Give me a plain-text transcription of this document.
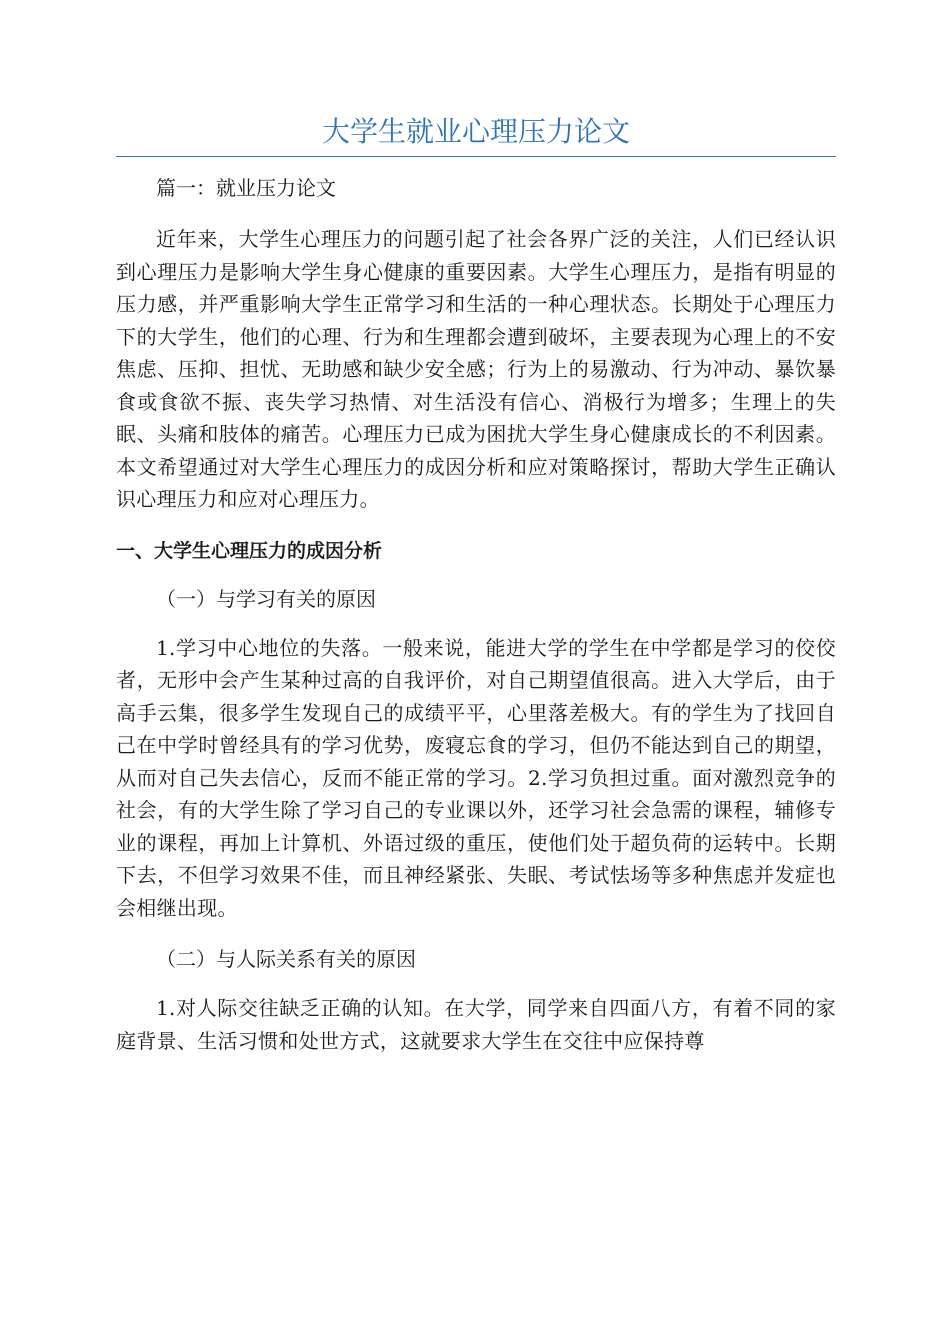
大学生就业心理压力论文

篇一：就业压力论文

近年来，大学生心理压力的问题引起了社会各界广泛的关注，人们已经认识到心理压力是影响大学生身心健康的重要因素。大学生心理压力，是指有明显的压力感，并严重影响大学生正常学习和生活的一种心理状态。长期处于心理压力下的大学生，他们的心理、行为和生理都会遭到破坏，主要表现为心理上的不安焦虑、压抑、担忧、无助感和缺少安全感；行为上的易激动、行为冲动、暴饮暴食或食欲不振、丧失学习热情、对生活没有信心、消极行为增多；生理上的失眠、头痛和肢体的痛苦。心理压力已成为困扰大学生身心健康成长的不利因素。本文希望通过对大学生心理压力的成因分析和应对策略探讨，帮助大学生正确认识心理压力和应对心理压力。

一、大学生心理压力的成因分析

（一）与学习有关的原因

1.学习中心地位的失落。一般来说，能进大学的学生在中学都是学习的佼佼者，无形中会产生某种过高的自我评价，对自己期望值很高。进入大学后，由于高手云集，很多学生发现自己的成绩平平，心里落差极大。有的学生为了找回自己在中学时曾经具有的学习优势，废寝忘食的学习，但仍不能达到自己的期望，从而对自己失去信心，反而不能正常的学习。2.学习负担过重。面对激烈竞争的社会，有的大学生除了学习自己的专业课以外，还学习社会急需的课程，辅修专业的课程，再加上计算机、外语过级的重压，使他们处于超负荷的运转中。长期下去，不但学习效果不佳，而且神经紧张、失眠、考试怯场等多种焦虑并发症也会相继出现。

（二）与人际关系有关的原因

1.对人际交往缺乏正确的认知。在大学，同学来自四面八方，有着不同的家庭背景、生活习惯和处世方式，这就要求大学生在交往中应保持尊
